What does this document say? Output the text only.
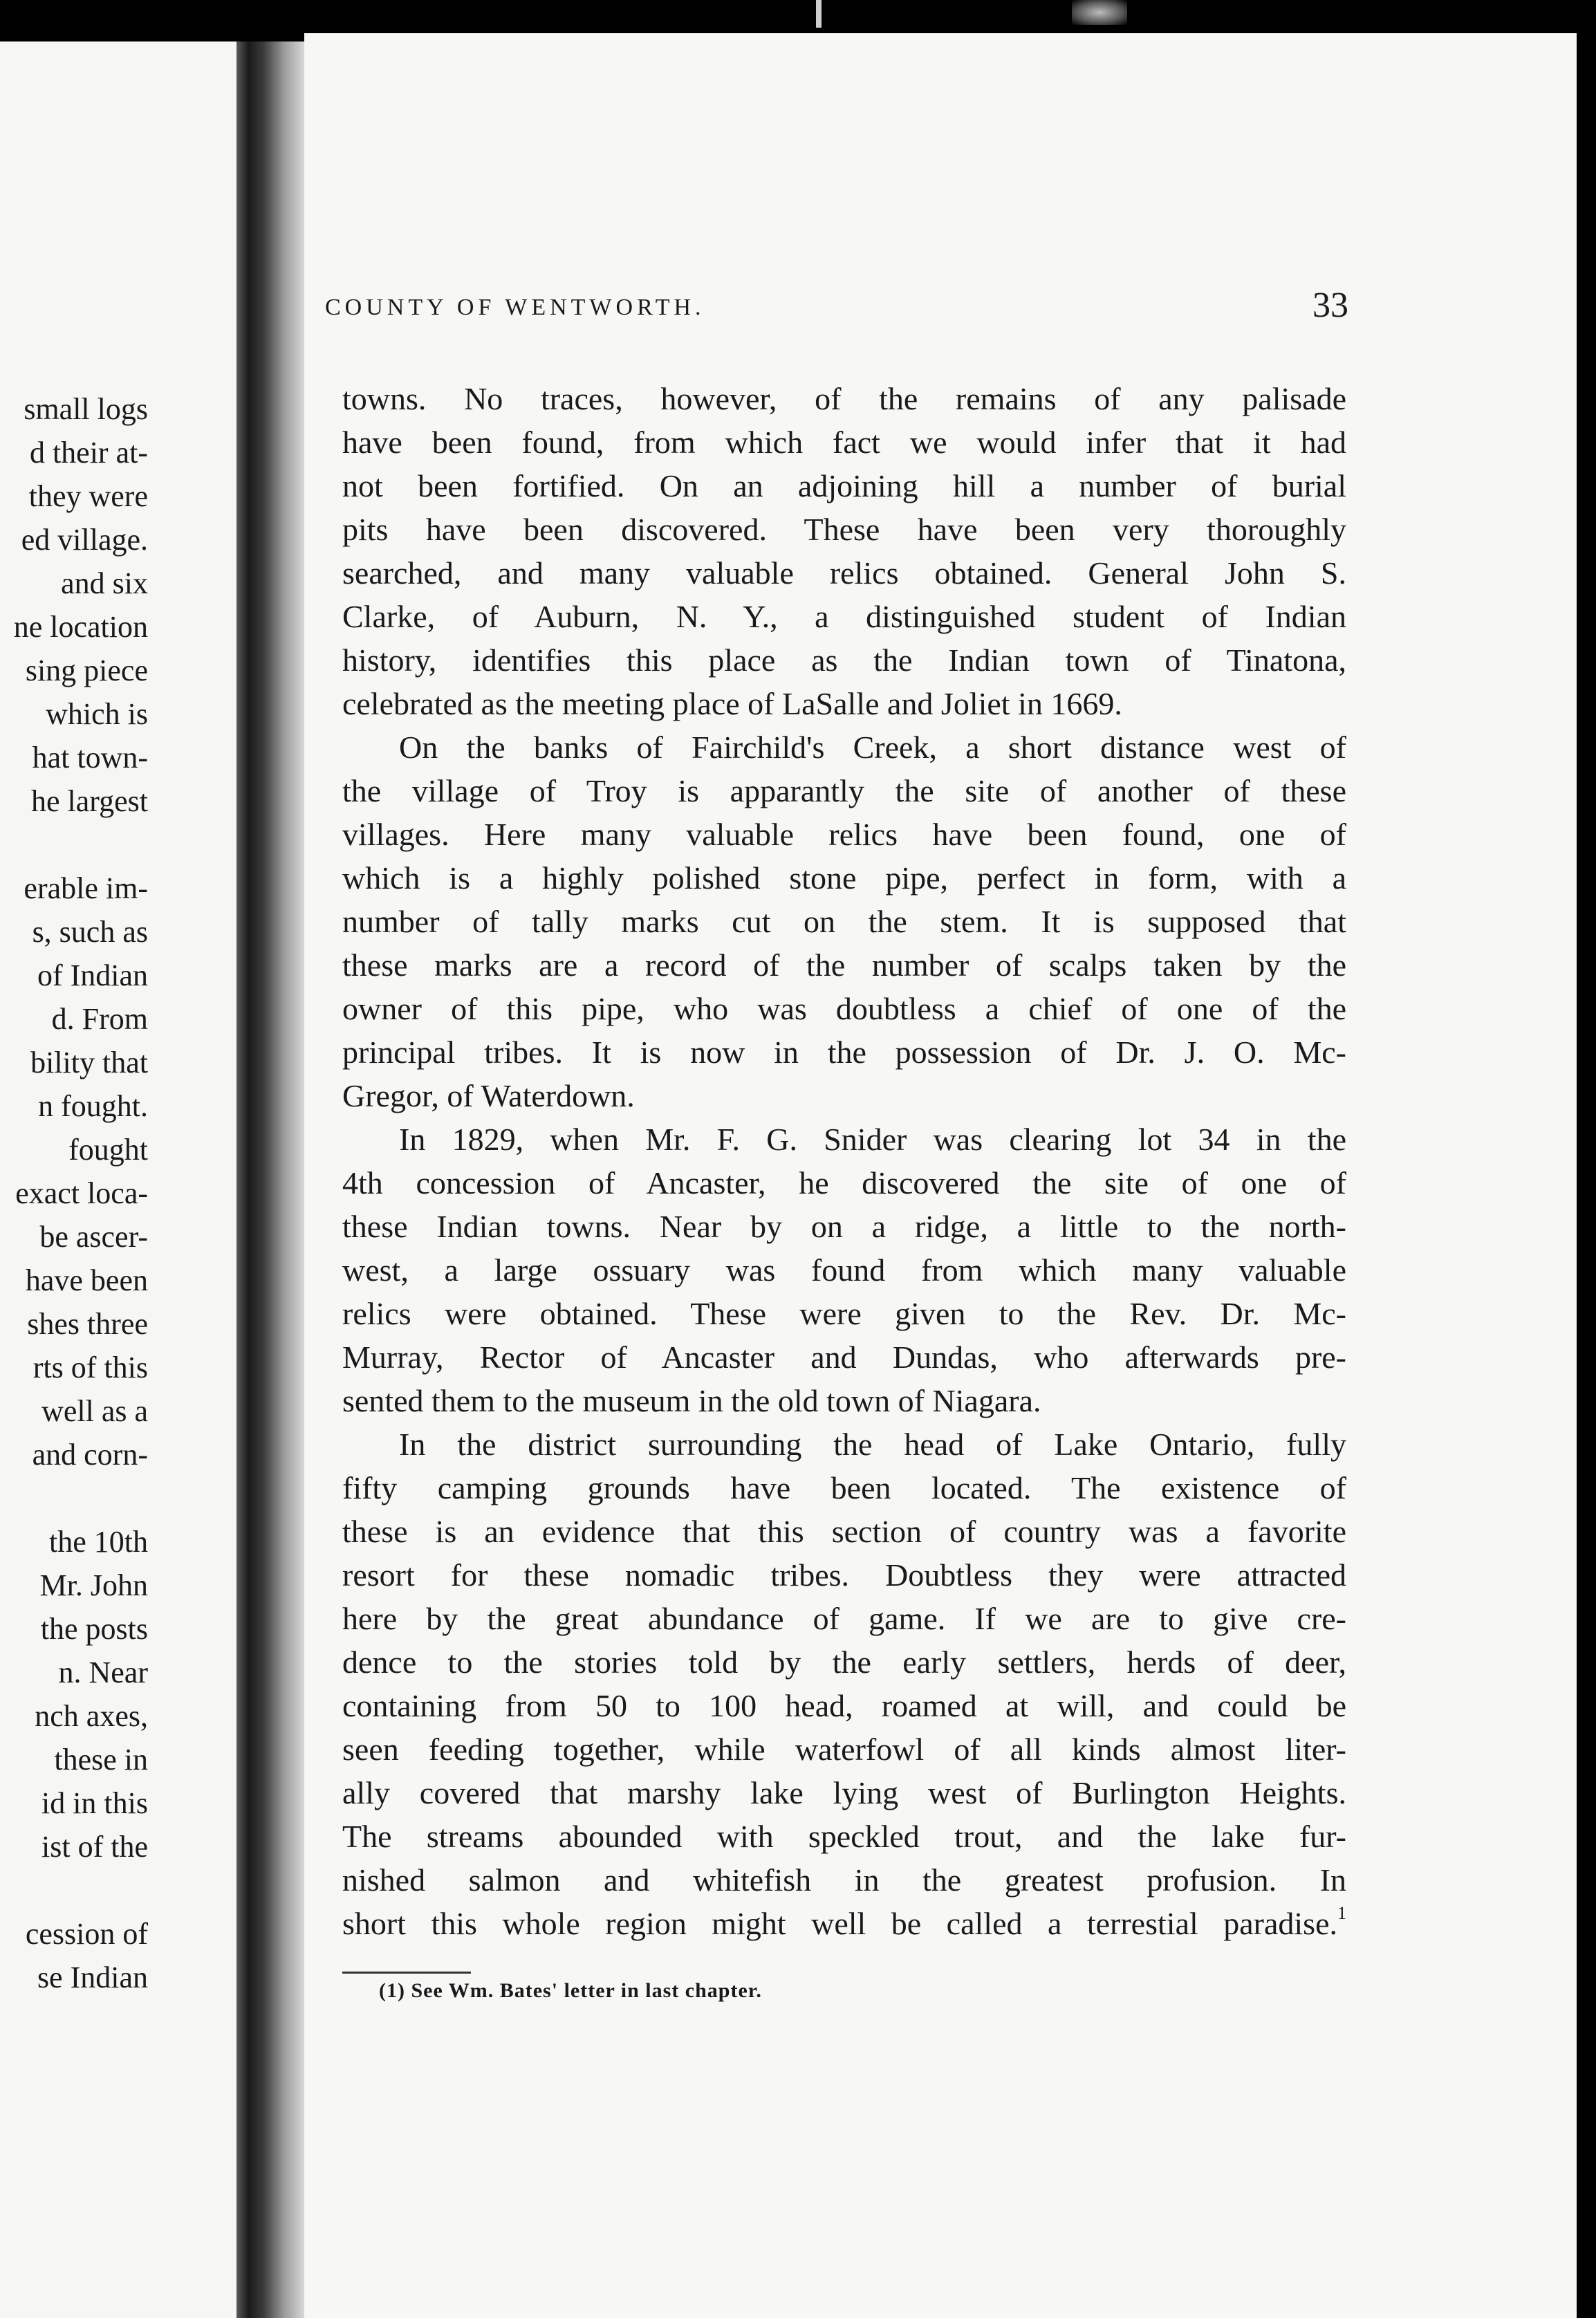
small logs
d their at-
they were
ed village.
and six
ne location
sing piece
which is
hat town-
he largest
erable im-
s, such as
of Indian
d. From
bility that
n fought.
fought
exact loca-
be ascer-
have been
shes three
rts of this
well as a
and corn-
the 10th
Mr. John
the posts
n. Near
nch axes,
these in
id in this
ist of the
cession of
se Indian
COUNTY OF WENTWORTH.	33
towns. No traces, however, of the remains of any palisade
have been found, from which fact we would infer that it had
not been fortified. On an adjoining hill a number of burial
pits have been discovered. These have been very thoroughly
searched, and many valuable relics obtained. General John S.
Clarke, of Auburn, N. Y., a distinguished student of Indian
history, identifies this place as the Indian town of Tinatona,
celebrated as the meeting place of LaSalle and Joliet in 1669.
On the banks of Fairchild's Creek, a short distance west of
the village of Troy is apparantly the site of another of these
villages. Here many valuable relics have been found, one of
which is a highly polished stone pipe, perfect in form, with a
number of tally marks cut on the stem. It is supposed that
these marks are a record of the number of scalps taken by the
owner of this pipe, who was doubtless a chief of one of the
principal tribes. It is now in the possession of Dr. J. O. Mc-
Gregor, of Waterdown.
In 1829, when Mr. F. G. Snider was clearing lot 34 in the
4th concession of Ancaster, he discovered the site of one of
these Indian towns. Near by on a ridge, a little to the north-
west, a large ossuary was found from which many valuable
relics were obtained. These were given to the Rev. Dr. Mc-
Murray, Rector of Ancaster and Dundas, who afterwards pre-
sented them to the museum in the old town of Niagara.
In the district surrounding the head of Lake Ontario, fully
fifty camping grounds have been located. The existence of
these is an evidence that this section of country was a favorite
resort for these nomadic tribes. Doubtless they were attracted
here by the great abundance of game. If we are to give cre-
dence to the stories told by the early settlers, herds of deer,
containing from 50 to 100 head, roamed at will, and could be
seen feeding together, while waterfowl of all kinds almost liter-
ally covered that marshy lake lying west of Burlington Heights.
The streams abounded with speckled trout, and the lake fur-
nished salmon and whitefish in the greatest profusion. In
short this whole region might well be called a terrestial paradise.$^1$
(1) See Wm. Bates' letter in last chapter.
